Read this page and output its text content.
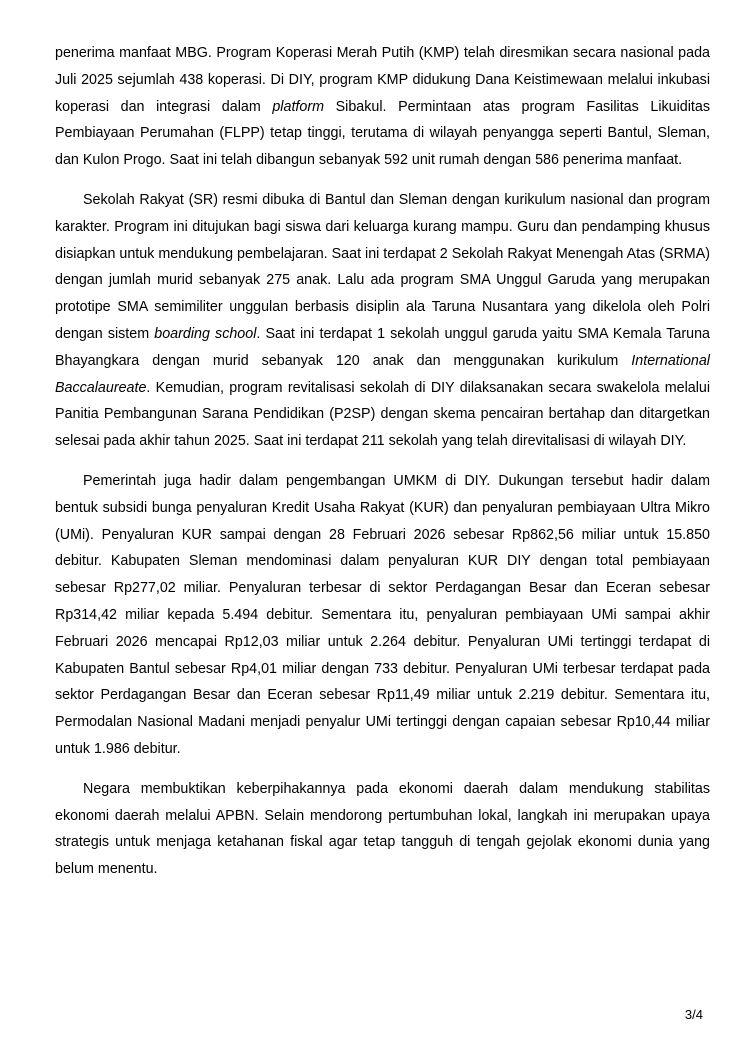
penerima manfaat MBG. Program Koperasi Merah Putih (KMP) telah diresmikan secara nasional pada Juli 2025 sejumlah 438 koperasi. Di DIY, program KMP didukung Dana Keistimewaan melalui inkubasi koperasi dan integrasi dalam platform Sibakul. Permintaan atas program Fasilitas Likuiditas Pembiayaan Perumahan (FLPP) tetap tinggi, terutama di wilayah penyangga seperti Bantul, Sleman, dan Kulon Progo. Saat ini telah dibangun sebanyak 592 unit rumah dengan 586 penerima manfaat.

Sekolah Rakyat (SR) resmi dibuka di Bantul dan Sleman dengan kurikulum nasional dan program karakter. Program ini ditujukan bagi siswa dari keluarga kurang mampu. Guru dan pendamping khusus disiapkan untuk mendukung pembelajaran. Saat ini terdapat 2 Sekolah Rakyat Menengah Atas (SRMA) dengan jumlah murid sebanyak 275 anak. Lalu ada program SMA Unggul Garuda yang merupakan prototipe SMA semimiliter unggulan berbasis disiplin ala Taruna Nusantara yang dikelola oleh Polri dengan sistem boarding school. Saat ini terdapat 1 sekolah unggul garuda yaitu SMA Kemala Taruna Bhayangkara dengan murid sebanyak 120 anak dan menggunakan kurikulum International Baccalaureate. Kemudian, program revitalisasi sekolah di DIY dilaksanakan secara swakelola melalui Panitia Pembangunan Sarana Pendidikan (P2SP) dengan skema pencairan bertahap dan ditargetkan selesai pada akhir tahun 2025. Saat ini terdapat 211 sekolah yang telah direvitalisasi di wilayah DIY.

Pemerintah juga hadir dalam pengembangan UMKM di DIY. Dukungan tersebut hadir dalam bentuk subsidi bunga penyaluran Kredit Usaha Rakyat (KUR) dan penyaluran pembiayaan Ultra Mikro (UMi). Penyaluran KUR sampai dengan 28 Februari 2026 sebesar Rp862,56 miliar untuk 15.850 debitur. Kabupaten Sleman mendominasi dalam penyaluran KUR DIY dengan total pembiayaan sebesar Rp277,02 miliar. Penyaluran terbesar di sektor Perdagangan Besar dan Eceran sebesar Rp314,42 miliar kepada 5.494 debitur. Sementara itu, penyaluran pembiayaan UMi sampai akhir Februari 2026 mencapai Rp12,03 miliar untuk 2.264 debitur. Penyaluran UMi tertinggi terdapat di Kabupaten Bantul sebesar Rp4,01 miliar dengan 733 debitur. Penyaluran UMi terbesar terdapat pada sektor Perdagangan Besar dan Eceran sebesar Rp11,49 miliar untuk 2.219 debitur. Sementara itu, Permodalan Nasional Madani menjadi penyalur UMi tertinggi dengan capaian sebesar Rp10,44 miliar untuk 1.986 debitur.

Negara membuktikan keberpihakannya pada ekonomi daerah dalam mendukung stabilitas ekonomi daerah melalui APBN. Selain mendorong pertumbuhan lokal, langkah ini merupakan upaya strategis untuk menjaga ketahanan fiskal agar tetap tangguh di tengah gejolak ekonomi dunia yang belum menentu.

3/4
